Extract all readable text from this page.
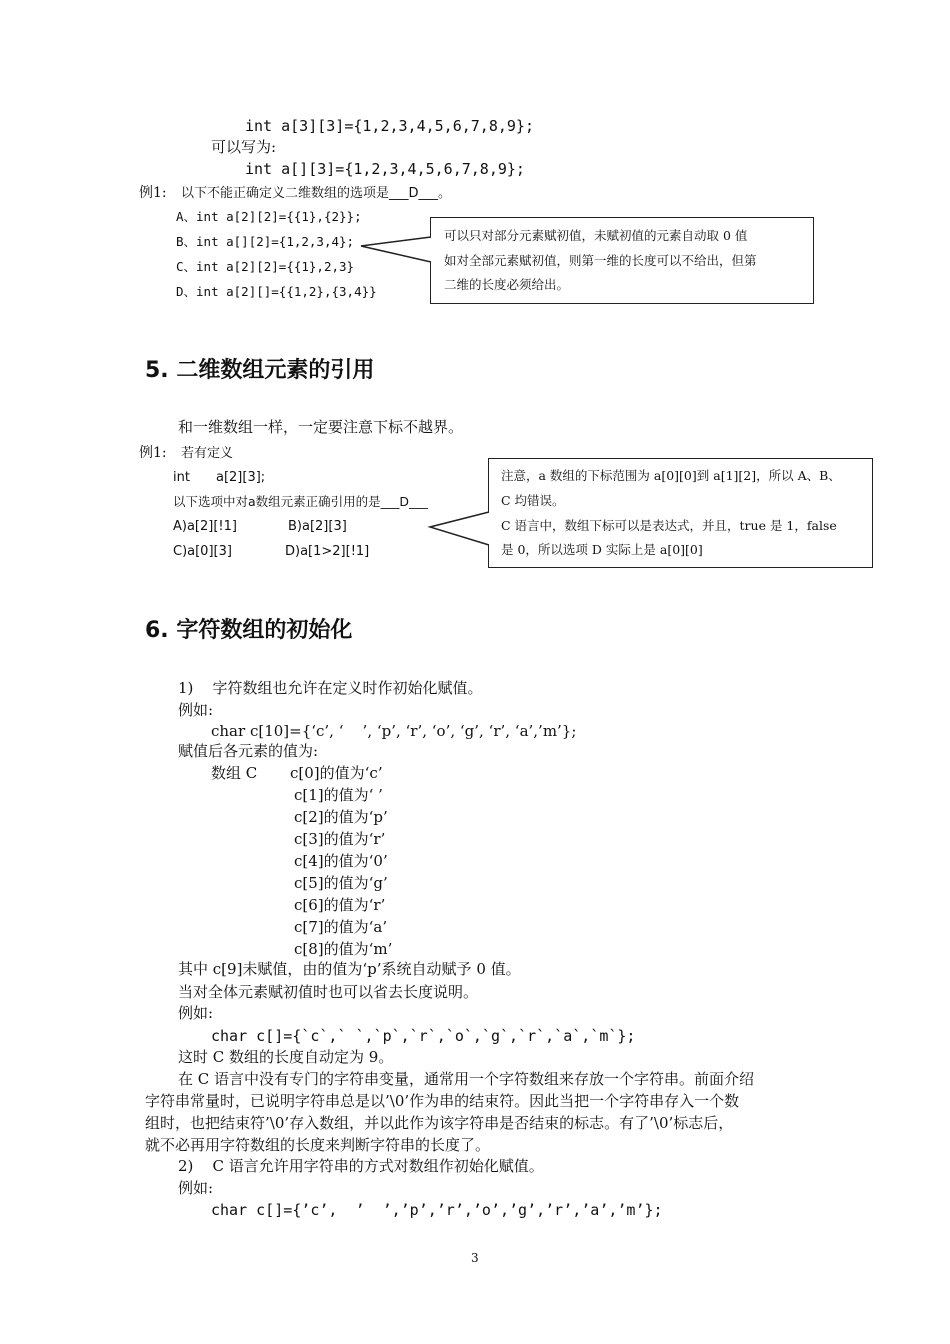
int a[3][3]={1,2,3,4,5,6,7,8,9};
可以写为:
int a[][3]={1,2,3,4,5,6,7,8,9};
例1: 以下不能正确定义二维数组的选项是___D___。
A、int a[2][2]={{1},{2}};
B、int a[][2]={1,2,3,4};
C、int a[2][2]={{1},2,3}
D、int a[2][]={{1,2},{3,4}}
可以只对部分元素赋初值，未赋初值的元素自动取 0 值
如对全部元素赋初值，则第一维的长度可以不给出，但第
二维的长度必须给出。
5. 二维数组元素的引用
和一维数组一样，一定要注意下标不越界。
例1: 若有定义
int a[2][3];
以下选项中对a数组元素正确引用的是___D___
A)a[2][!1]	B)a[2][3]
C)a[0][3]	D)a[1>2][!1]
注意，a 数组的下标范围为 a[0][0]到 a[1][2]，所以 A、B、
C 均错误。
C 语言中，数组下标可以是表达式，并且，true 是 1，false
是 0，所以选项 D 实际上是 a[0][0]
6. 字符数组的初始化
1)    字符数组也允许在定义时作初始化赋值。
例如:
char c[10]={‘c’, ‘    ’, ‘p’, ‘r’, ‘o’, ‘g’, ‘r’, ‘a’,’m’};
赋值后各元素的值为:
数组 C c[0]的值为‘c’
c[1]的值为‘ ’
c[2]的值为‘p’
c[3]的值为‘r’
c[4]的值为‘0’
c[5]的值为‘g’
c[6]的值为‘r’
c[7]的值为‘a’
c[8]的值为‘m’
其中 c[9]未赋值，由的值为‘p’系统自动赋予 0 值。
当对全体元素赋初值时也可以省去长度说明。
例如:
char c[]={`c`,` `,`p`,`r`,`o`,`g`,`r`,`a`,`m`};
这时 C 数组的长度自动定为 9。
在 C 语言中没有专门的字符串变量，通常用一个字符数组来存放一个字符串。前面介绍
字符串常量时，已说明字符串总是以’\0’作为串的结束符。因此当把一个字符串存入一个数
组时，也把结束符’\0’存入数组，并以此作为该字符串是否结束的标志。有了’\0’标志后，
就不必再用字符数组的长度来判断字符串的长度了。
2)    C 语言允许用字符串的方式对数组作初始化赋值。
例如:
char c[]={’c’,  ’  ’,’p’,’r’,’o’,’g’,’r’,’a’,’m’};
3
